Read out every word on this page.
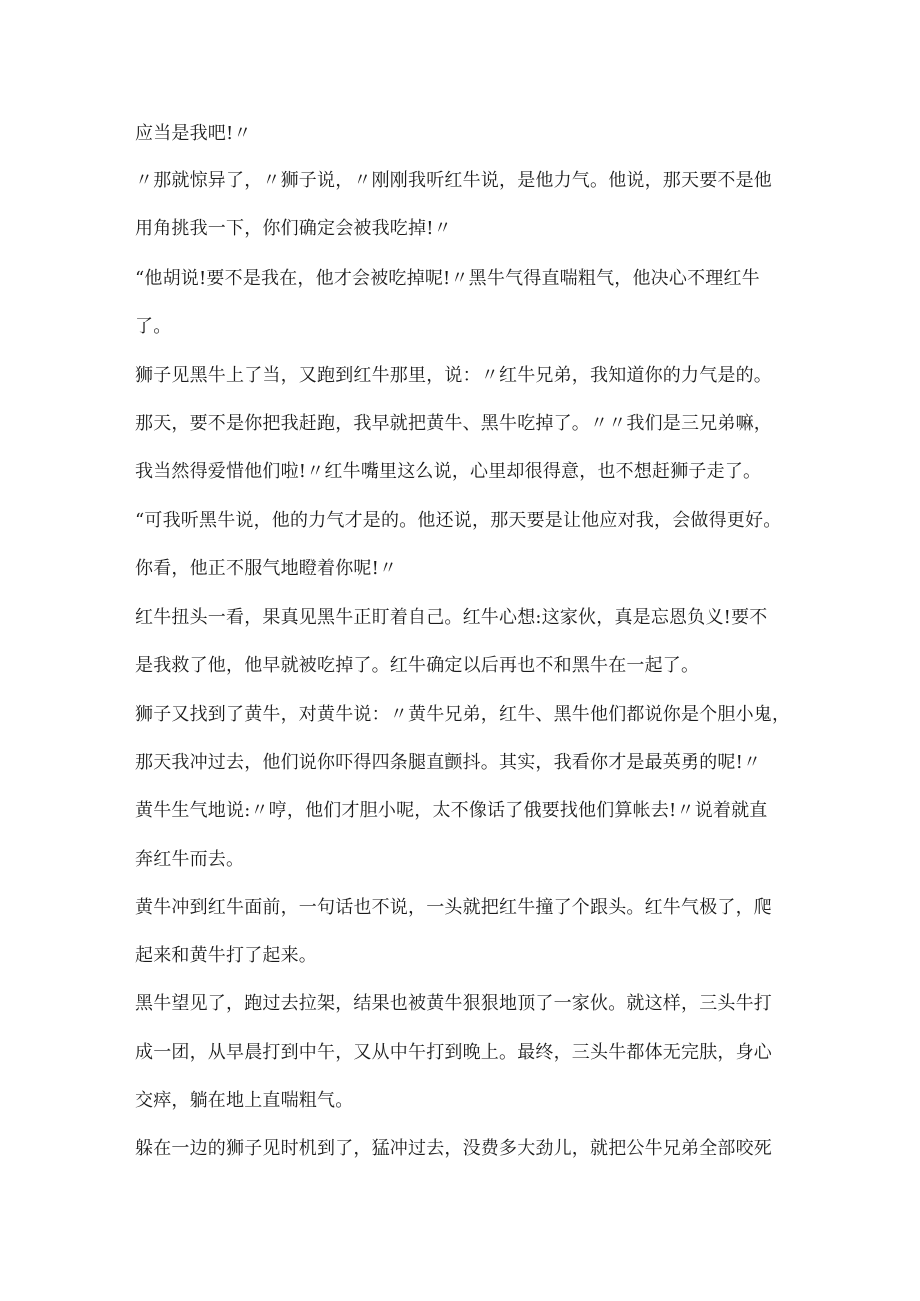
应当是我吧!〃
〃那就惊异了，〃狮子说，〃刚刚我听红牛说，是他力气。他说，那天要不是他
用角挑我一下，你们确定会被我吃掉!〃
“他胡说!要不是我在，他才会被吃掉呢!〃黑牛气得直喘粗气，他决心不理红牛
了。
狮子见黑牛上了当，又跑到红牛那里，说：〃红牛兄弟，我知道你的力气是的。
那天，要不是你把我赶跑，我早就把黄牛、黑牛吃掉了。〃〃我们是三兄弟嘛，
我当然得爱惜他们啦!〃红牛嘴里这么说，心里却很得意，也不想赶狮子走了。
“可我听黑牛说，他的力气才是的。他还说，那天要是让他应对我，会做得更好。
你看，他正不服气地瞪着你呢!〃
红牛扭头一看，果真见黑牛正盯着自己。红牛心想:这家伙，真是忘恩负义!要不
是我救了他，他早就被吃掉了。红牛确定以后再也不和黑牛在一起了。
狮子又找到了黄牛，对黄牛说：〃黄牛兄弟，红牛、黑牛他们都说你是个胆小鬼，
那天我冲过去，他们说你吓得四条腿直颤抖。其实，我看你才是最英勇的呢!〃
黄牛生气地说:〃哼，他们才胆小呢，太不像话了俄要找他们算帐去!〃说着就直
奔红牛而去。
黄牛冲到红牛面前，一句话也不说，一头就把红牛撞了个跟头。红牛气极了，爬
起来和黄牛打了起来。
黑牛望见了，跑过去拉架，结果也被黄牛狠狠地顶了一家伙。就这样，三头牛打
成一团，从早晨打到中午，又从中午打到晚上。最终，三头牛都体无完肤，身心
交瘁，躺在地上直喘粗气。
躲在一边的狮子见时机到了，猛冲过去，没费多大劲儿，就把公牛兄弟全部咬死
